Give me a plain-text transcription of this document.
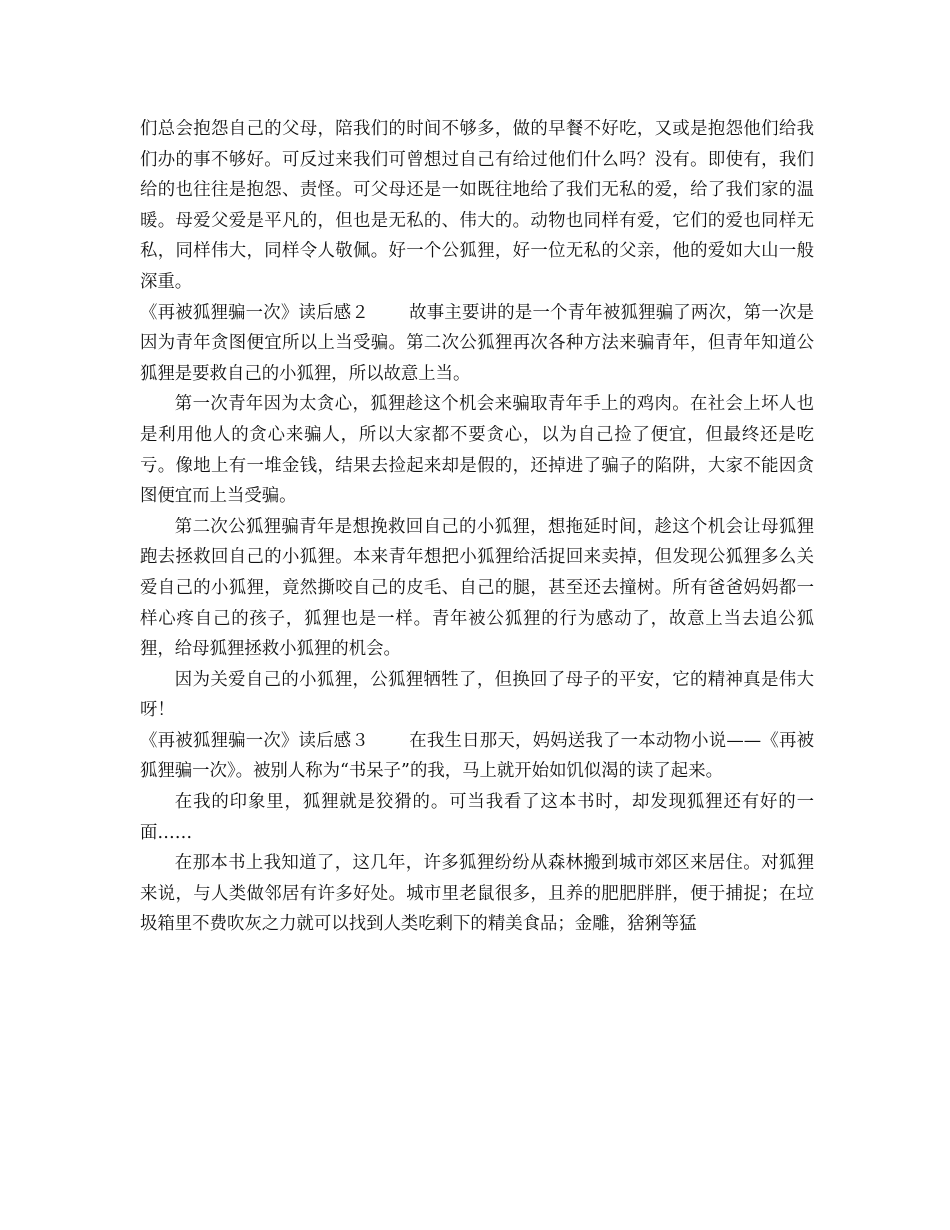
们总会抱怨自己的父母，陪我们的时间不够多，做的早餐不好吃，又或是抱怨他们给我们办的事不够好。可反过来我们可曾想过自己有给过他们什么吗？没有。即使有，我们给的也往往是抱怨、责怪。可父母还是一如既往地给了我们无私的爱，给了我们家的温暖。母爱父爱是平凡的，但也是无私的、伟大的。动物也同样有爱，它们的爱也同样无私，同样伟大，同样令人敬佩。好一个公狐狸，好一位无私的父亲，他的爱如大山一般深重。

《再被狐狸骗一次》读后感２ 故事主要讲的是一个青年被狐狸骗了两次，第一次是因为青年贪图便宜所以上当受骗。第二次公狐狸再次各种方法来骗青年，但青年知道公狐狸是要救自己的小狐狸，所以故意上当。

第一次青年因为太贪心，狐狸趁这个机会来骗取青年手上的鸡肉。在社会上坏人也是利用他人的贪心来骗人，所以大家都不要贪心，以为自己捡了便宜，但最终还是吃亏。像地上有一堆金钱，结果去捡起来却是假的，还掉进了骗子的陷阱，大家不能因贪图便宜而上当受骗。

第二次公狐狸骗青年是想挽救回自己的小狐狸，想拖延时间，趁这个机会让母狐狸跑去拯救回自己的小狐狸。本来青年想把小狐狸给活捉回来卖掉，但发现公狐狸多么关爱自己的小狐狸，竟然撕咬自己的皮毛、自己的腿，甚至还去撞树。所有爸爸妈妈都一样心疼自己的孩子，狐狸也是一样。青年被公狐狸的行为感动了，故意上当去追公狐狸，给母狐狸拯救小狐狸的机会。

因为关爱自己的小狐狸，公狐狸牺牲了，但换回了母子的平安，它的精神真是伟大呀！

《再被狐狸骗一次》读后感３ 在我生日那天，妈妈送我了一本动物小说——《再被狐狸骗一次》。被别人称为“书呆子”的我，马上就开始如饥似渴的读了起来。

在我的印象里，狐狸就是狡猾的。可当我看了这本书时，却发现狐狸还有好的一面……

在那本书上我知道了，这几年，许多狐狸纷纷从森林搬到城市郊区来居住。对狐狸来说，与人类做邻居有许多好处。城市里老鼠很多，且养的肥肥胖胖，便于捕捉；在垃圾箱里不费吹灰之力就可以找到人类吃剩下的精美食品；金雕，猞猁等猛
